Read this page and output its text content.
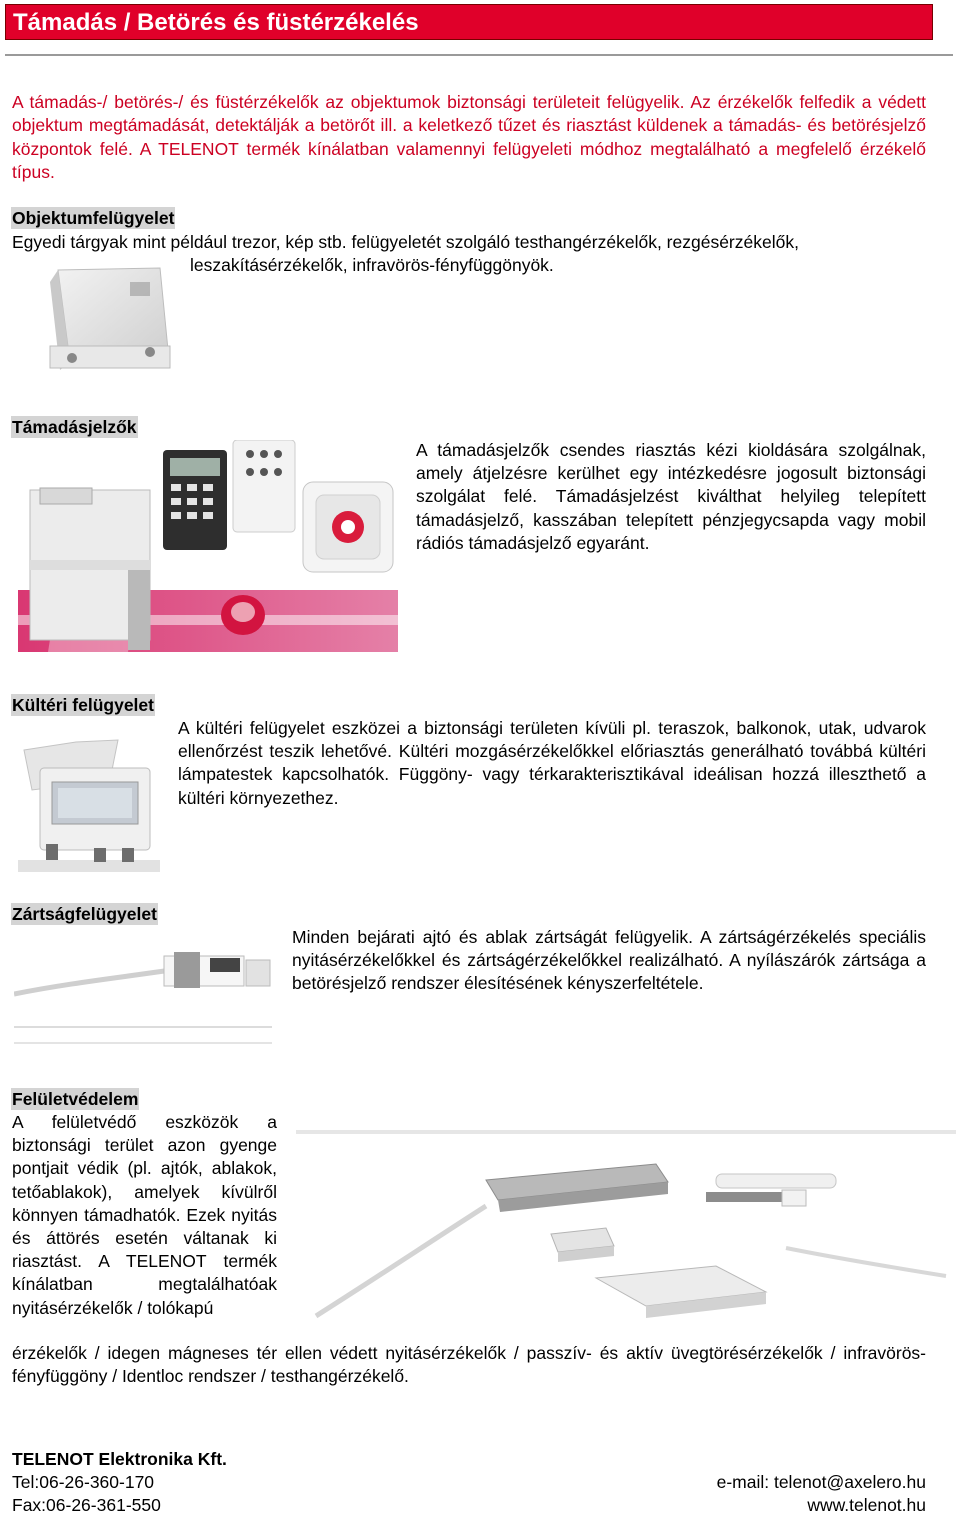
Támadás / Betörés és füstérzékelés
A támadás-/ betörés-/ és füstérzékelők az objektumok biztonsági területeit felügyelik. Az érzékelők felfedik a védett objektum megtámadását, detektálják a betörőt ill. a keletkező tűzet és riasztást küldenek a támadás- és betörésjelző központok felé. A TELENOT termék kínálatban valamennyi felügyeleti módhoz megtalálható a megfelelő érzékelő típus.
Objektumfelügyelet
Egyedi tárgyak mint például trezor, kép stb. felügyeletét szolgáló testhangérzékelők, rezgésérzékelők,
leszakításérzékelők, infravörös-fényfüggönyök.
Támadásjelzők
A támadásjelzők csendes riasztás kézi kioldására szolgálnak, amely átjelzésre kerülhet egy intézkedésre jogosult biztonsági szolgálat felé. Támadásjelzést kiválthat helyileg telepített támadásjelző, kasszában telepített pénzjegycsapda vagy mobil rádiós támadásjelző egyaránt.
Kültéri felügyelet
A kültéri felügyelet eszközei a biztonsági területen kívüli pl. teraszok, balkonok, utak, udvarok ellenőrzést teszik lehetővé. Kültéri mozgásérzékelőkkel előriasztás generálható továbbá kültéri lámpatestek kapcsolhatók. Függöny- vagy térkarakterisztikával ideálisan hozzá illeszthető a kültéri környezethez.
Zártságfelügyelet
Minden bejárati ajtó és ablak zártságát felügyelik. A zártságérzékelés speciális nyitásérzékelőkkel és zártságérzékelőkkel realizálható. A nyílászárók zártsága a betörésjelző rendszer élesítésének kényszerfeltétele.
Felületvédelem
A felületvédő eszközök a biztonsági terület azon gyenge pontjait védik (pl. ajtók, ablakok, tetőablakok), amelyek kívülről könnyen támadhatók. Ezek nyitás és áttörés esetén váltanak ki riasztást. A TELENOT termék kínálatban megtalálhatóak nyitásérzékelők / tolókapú
érzékelők / idegen mágneses tér ellen védett nyitásérzékelők / passzív- és aktív üvegtörésérzékelők / infravörös- fényfüggöny / Identloc rendszer / testhangérzékelő.
TELENOT Elektronika Kft.
Tel:06-26-360-170
Fax:06-26-361-550
e-mail: telenot@axelero.hu
www.telenot.hu
